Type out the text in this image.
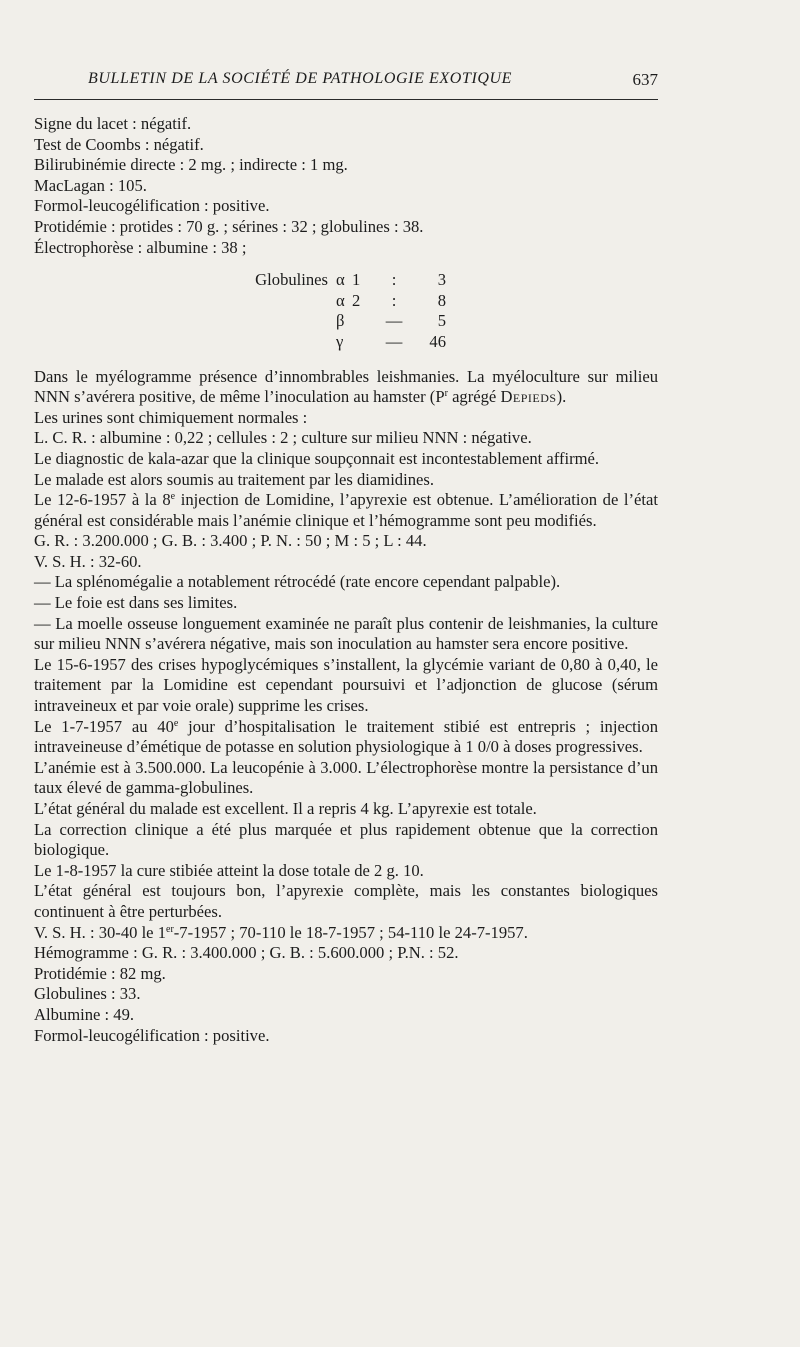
BULLETIN DE LA SOCIÉTÉ DE PATHOLOGIE EXOTIQUE	637
Signe du lacet : négatif.
Test de Coombs : négatif.
Bilirubinémie directe : 2 mg. ; indirecte : 1 mg.
MacLagan : 105.
Formol-leucogélification : positive.
Protidémie : protides : 70 g. ; sérines : 32 ; globulines : 38.
Électrophorèse : albumine : 38 ;
Globulines	α	1	:	3
	α	2	:	8
	β		—	5
	γ		—	46
Dans le myélogramme présence d’innombrables leishmanies. La myéloculture sur milieu NNN s’avérera positive, de même l’inoculation au hamster ($P^r$ agrégé Depieds).
Les urines sont chimiquement normales :
L. C. R. : albumine : 0,22 ; cellules : 2 ; culture sur milieu NNN : négative.
Le diagnostic de kala-azar que la clinique soupçonnait est incontestablement affirmé.
Le malade est alors soumis au traitement par les diamidines.
Le 12-6-1957 à la 8e injection de Lomidine, l’apyrexie est obtenue. L’amélioration de l’état général est considérable mais l’anémie clinique et l’hémogramme sont peu modifiés.
G. R. : 3.200.000 ; G. B. : 3.400 ; P. N. : 50 ; M : 5 ; L : 44.
V. S. H. : 32-60.
— La splénomégalie a notablement rétrocédé (rate encore cependant palpable).
— Le foie est dans ses limites.
— La moelle osseuse longuement examinée ne paraît plus contenir de leishmanies, la culture sur milieu NNN s’avérera négative, mais son inoculation au hamster sera encore positive.
Le 15-6-1957 des crises hypoglycémiques s’installent, la glycémie variant de 0,80 à 0,40, le traitement par la Lomidine est cependant poursuivi et l’adjonction de glucose (sérum intraveineux et par voie orale) supprime les crises.
Le 1-7-1957 au 40e jour d’hospitalisation le traitement stibié est entrepris ; injection intraveineuse d’émétique de potasse en solution physiologique à 1 0/0 à doses progressives.
L’anémie est à 3.500.000. La leucopénie à 3.000. L’électrophorèse montre la persistance d’un taux élevé de gamma-globulines.
L’état général du malade est excellent. Il a repris 4 kg. L’apyrexie est totale.
La correction clinique a été plus marquée et plus rapidement obtenue que la correction biologique.
Le 1-8-1957 la cure stibiée atteint la dose totale de 2 g. 10.
L’état général est toujours bon, l’apyrexie complète, mais les constantes biologiques continuent à être perturbées.
V. S. H. : 30-40 le 1er-7-1957 ; 70-110 le 18-7-1957 ; 54-110 le 24-7-1957.
Hémogramme : G. R. : 3.400.000 ; G. B. : 5.600.000 ; P.N. : 52.
Protidémie : 82 mg.
Globulines : 33.
Albumine : 49.
Formol-leucogélification : positive.
